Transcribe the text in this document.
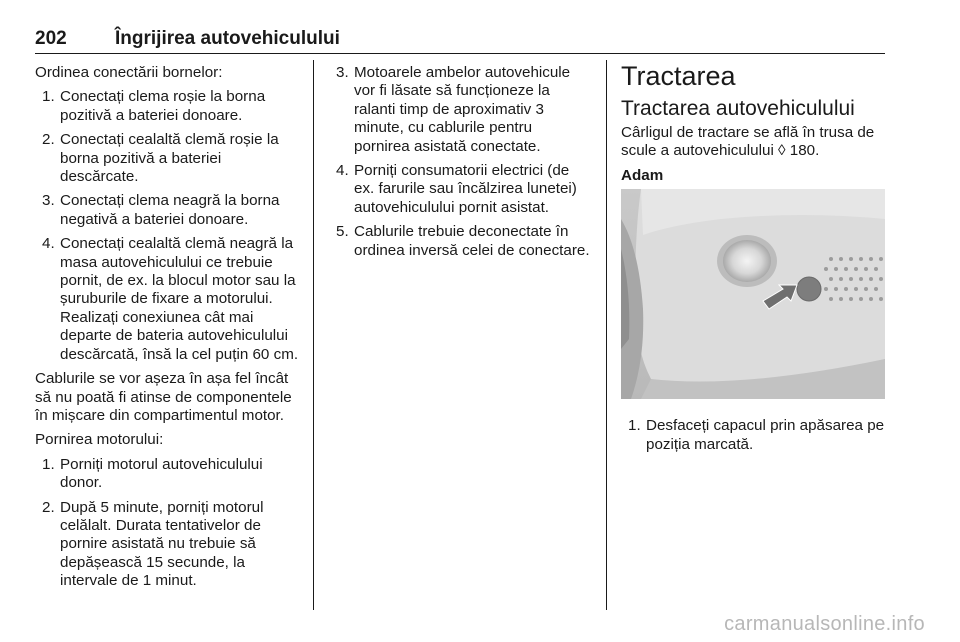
202	Îngrijirea autovehiculului

Ordinea conectării bornelor:

1. Conectați clema roșie la borna pozitivă a bateriei donoare.
2. Conectați cealaltă clemă roșie la borna pozitivă a bateriei descărcate.
3. Conectați clema neagră la borna negativă a bateriei donoare.
4. Conectați cealaltă clemă neagră la masa autovehiculului ce trebuie pornit, de ex. la blocul motor sau la șuruburile de fixare a motorului. Realizați conexiunea cât mai departe de bateria autovehiculului descărcată, însă la cel puțin 60 cm.

Cablurile se vor așeza în așa fel încât să nu poată fi atinse de componentele în mișcare din compartimentul motor.

Pornirea motorului:

1. Porniți motorul autovehiculului donor.
2. După 5 minute, porniți motorul celălalt. Durata tentativelor de pornire asistată nu trebuie să depășească 15 secunde, la intervale de 1 minut.
3. Motoarele ambelor autovehicule vor fi lăsate să funcționeze la ralanti timp de aproximativ 3 minute, cu cablurile pentru pornirea asistată conectate.
4. Porniți consumatorii electrici (de ex. farurile sau încălzirea lunetei) autovehiculului pornit asistat.
5. Cablurile trebuie deconectate în ordinea inversă celei de conectare.
Tractarea
Tractarea autovehiculului

Cârligul de tractare se află în trusa de scule a autovehiculului ◊ 180.

Adam

1. Desfaceți capacul prin apăsarea pe poziția marcată.
carmanualsonline.info
